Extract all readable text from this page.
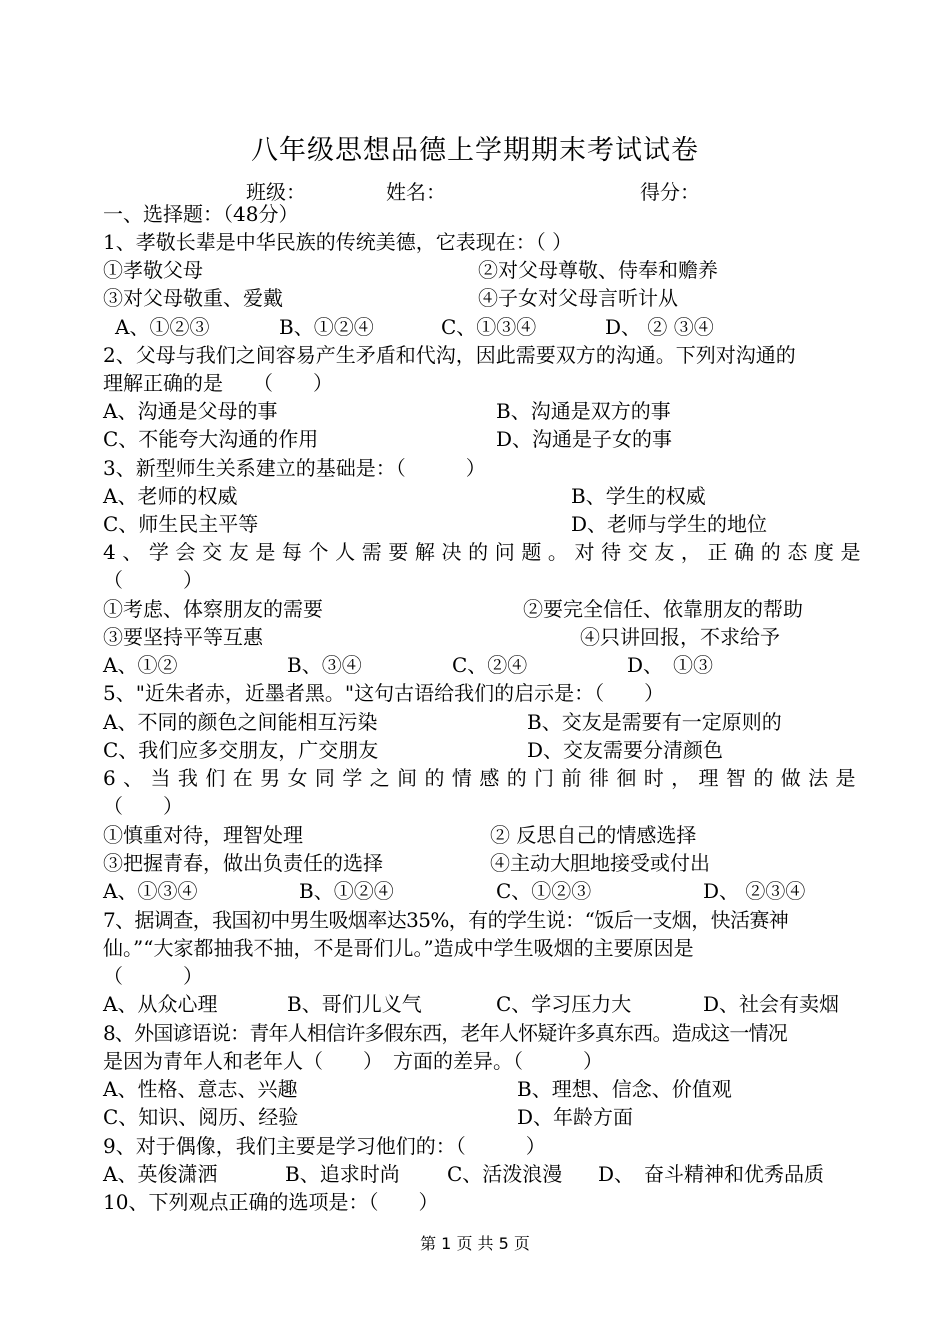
八年级思想品德上学期期末考试试卷
班级：	姓名：	得分：
一、选择题：（48分）
1、孝敬长辈是中华民族的传统美德，它表现在：（ ）
①孝敬父母	②对父母尊敬、侍奉和赡养
③对父母敬重、爱戴	④子女对父母言听计从
A、①②③	B、①②④	C、①③④	D、 ② ③④
2、父母与我们之间容易产生矛盾和代沟，因此需要双方的沟通。下列对沟通的
理解正确的是　　（　　）
A、沟通是父母的事	B、沟通是双方的事
C、不能夸大沟通的作用	D、沟通是子女的事
3、新型师生关系建立的基础是：（　　　）
A、老师的权威	B、学生的权威
C、师生民主平等	D、老师与学生的地位
4、学会交友是每个人需要解决的问题。对待交友，正确的态度是
（　　　）
①考虑、体察朋友的需要	②要完全信任、依靠朋友的帮助
③要坚持平等互惠	④只讲回报，不求给予
A、①②	B、③④	C、②④	D、　①③
5、"近朱者赤，近墨者黑。"这句古语给我们的启示是：（　　）
A、不同的颜色之间能相互污染	B、交友是需要有一定原则的
C、我们应多交朋友，广交朋友	D、交友需要分清颜色
6、当我们在男女同学之间的情感的门前徘徊时，理智的做法是
（　　）
①慎重对待，理智处理	② 反思自己的情感选择
③把握青春，做出负责任的选择	④主动大胆地接受或付出
A、①③④	B、①②④	C、①②③	D、 ②③④
7、据调查，我国初中男生吸烟率达35%，有的学生说：“饭后一支烟，快活赛神
仙。”“大家都抽我不抽，不是哥们儿。”造成中学生吸烟的主要原因是
（　　　）
A、从众心理	B、哥们儿义气	C、学习压力大	D、社会有卖烟
8、外国谚语说：青年人相信许多假东西，老年人怀疑许多真东西。造成这一情况
是因为青年人和老年人（　　）　方面的差异。（　　　）
A、性格、意志、兴趣	B、理想、信念、价值观
C、知识、阅历、经验	D、年龄方面
9、对于偶像，我们主要是学习他们的：（　　　）
A、英俊潇洒	B、追求时尚 C、活泼浪漫 D、　奋斗精神和优秀品质
10、下列观点正确的选项是：（　　）
第 1 页 共 5 页
